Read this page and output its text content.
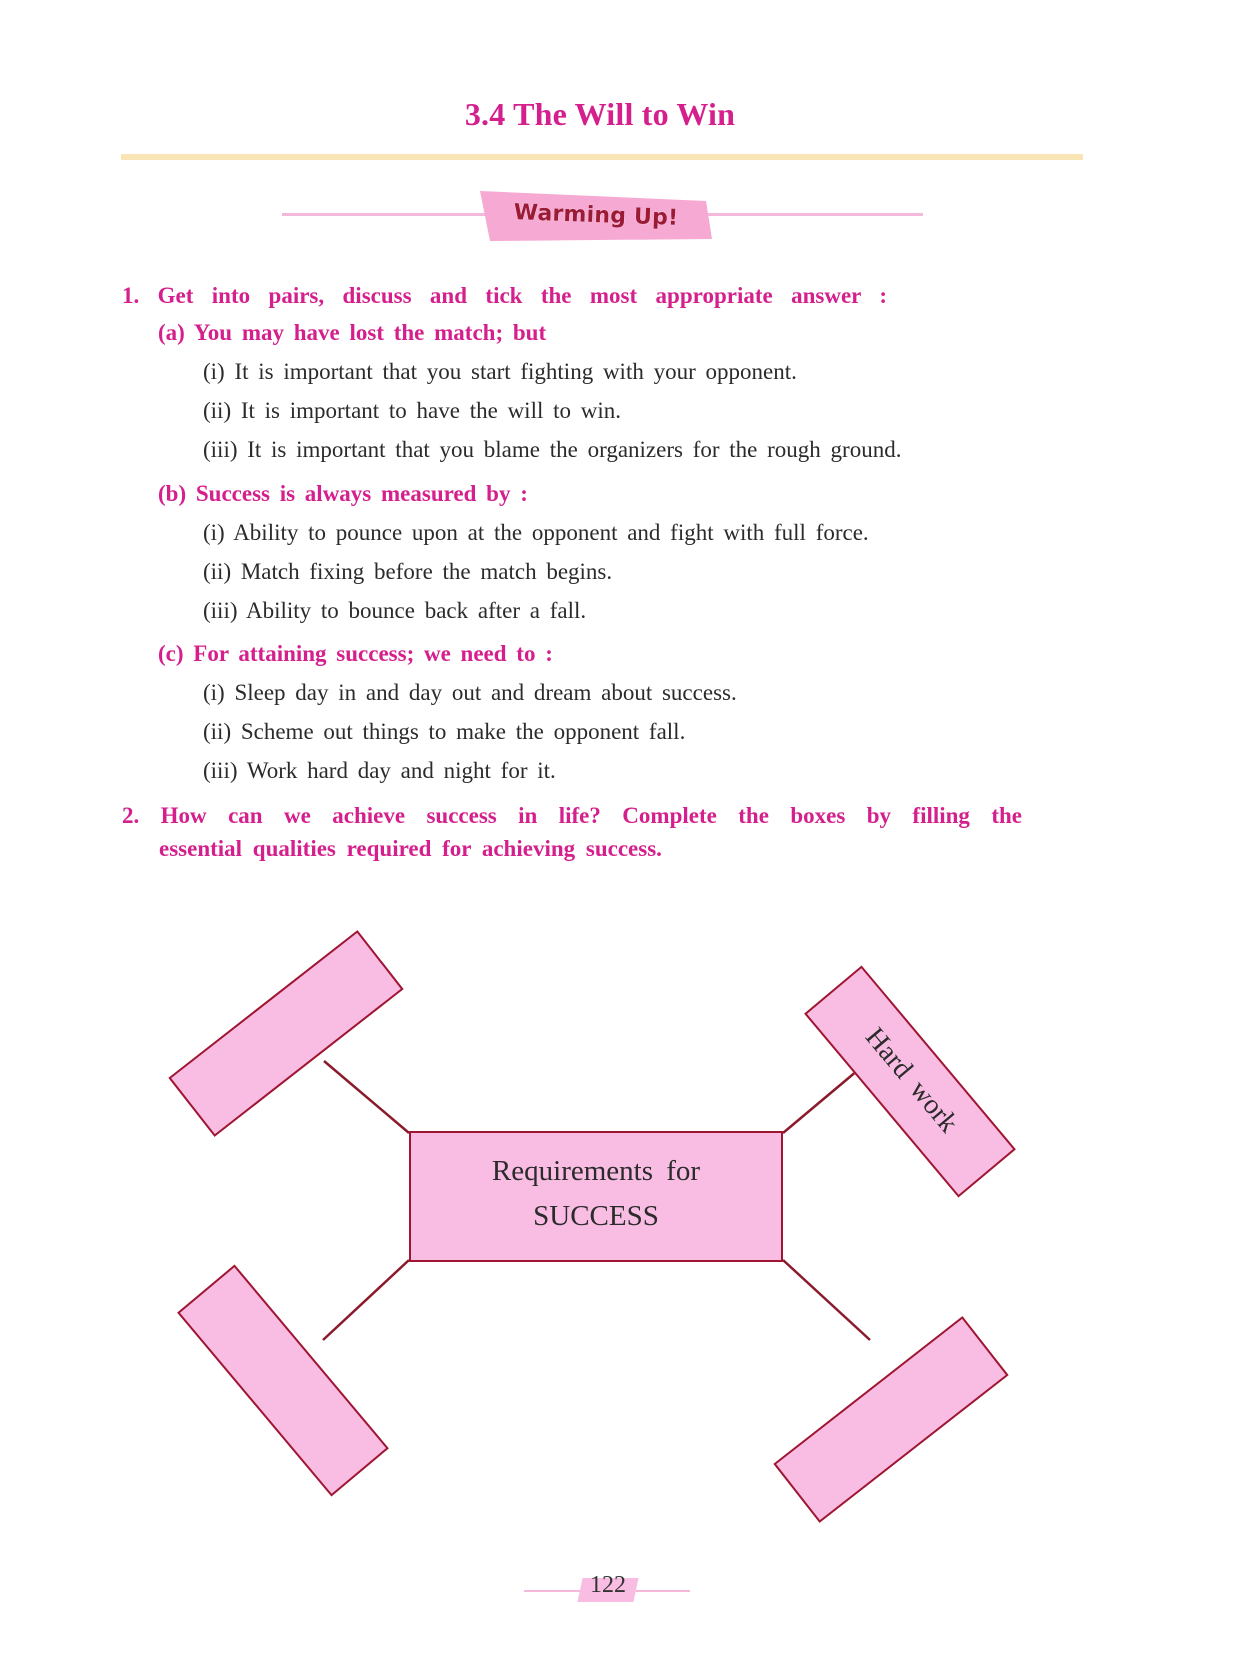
3.4 The Will to Win
Warming Up!
1. Get into pairs, discuss and tick the most appropriate answer :
(a) You may have lost the match; but
(i) It is important that you start fighting with your opponent.
(ii) It is important to have the will to win.
(iii) It is important that you blame the organizers for the rough ground.
(b) Success is always measured by :
(i) Ability to pounce upon at the opponent and fight with full force.
(ii) Match fixing before the match begins.
(iii) Ability to bounce back after a fall.
(c) For attaining success; we need to :
(i) Sleep day in and day out and dream about success.
(ii) Scheme out things to make the opponent fall.
(iii) Work hard day and night for it.
2. How can we achieve success in life? Complete the boxes by filling the
essential qualities required for achieving success.
Requirements for
SUCCESS
Hard work
122
